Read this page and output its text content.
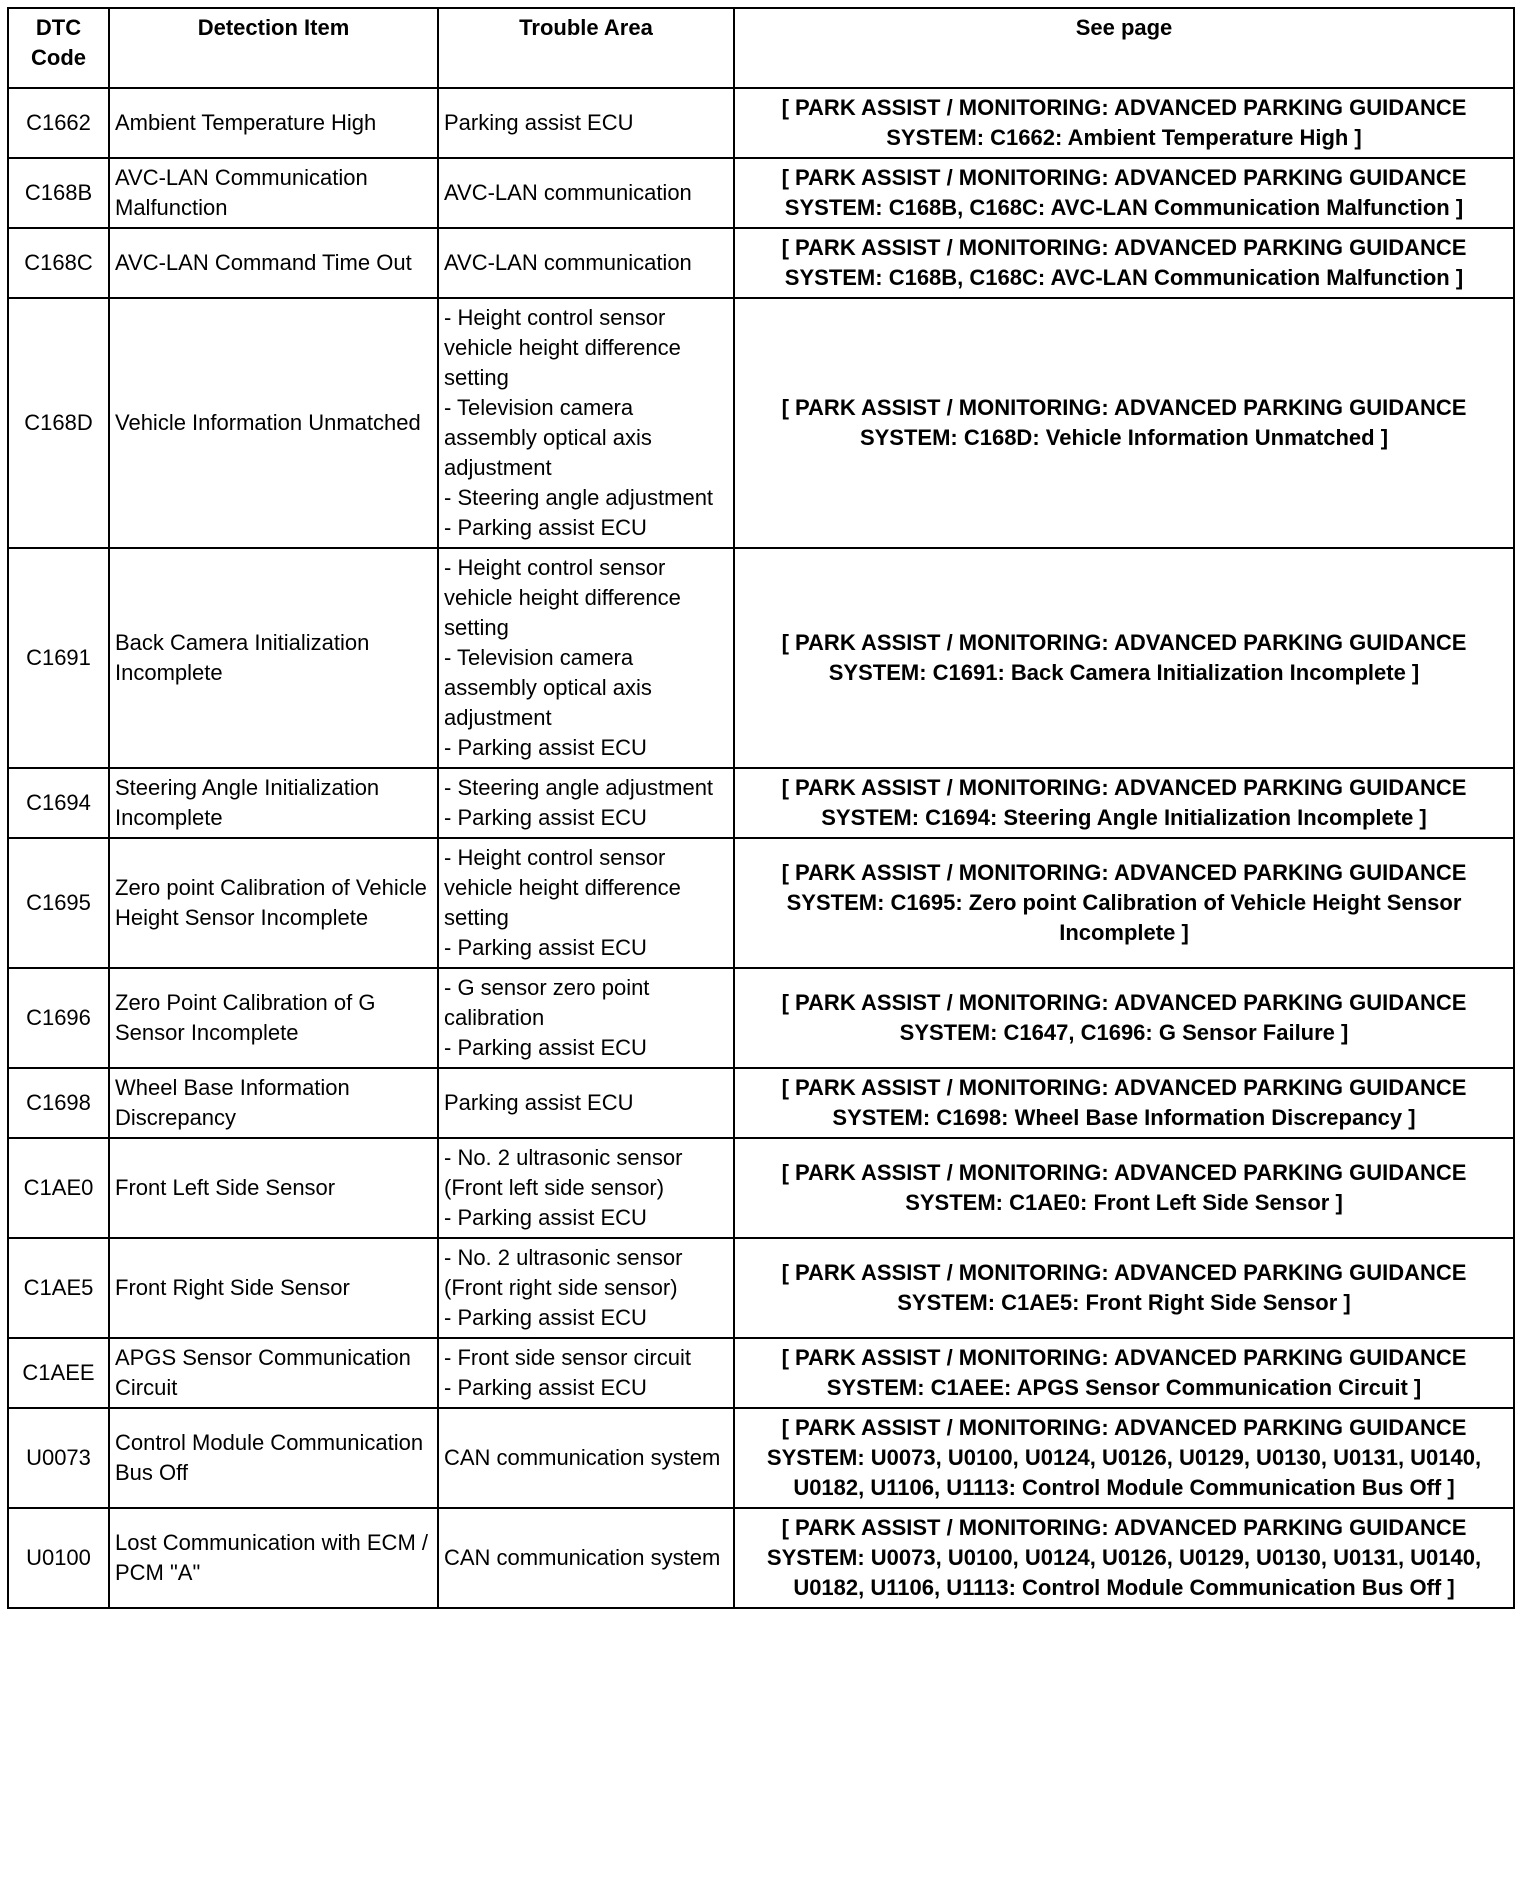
DTC Code	Detection Item	Trouble Area	See page
C1662	Ambient Temperature High	Parking assist ECU	[ PARK ASSIST / MONITORING: ADVANCED PARKING GUIDANCE SYSTEM: C1662: Ambient Temperature High ]
C168B	AVC-LAN Communication Malfunction	AVC-LAN communication	[ PARK ASSIST / MONITORING: ADVANCED PARKING GUIDANCE SYSTEM: C168B, C168C: AVC-LAN Communication Malfunction ]
C168C	AVC-LAN Command Time Out	AVC-LAN communication	[ PARK ASSIST / MONITORING: ADVANCED PARKING GUIDANCE SYSTEM: C168B, C168C: AVC-LAN Communication Malfunction ]
C168D	Vehicle Information Unmatched	- Height control sensor vehicle height difference setting
- Television camera assembly optical axis adjustment
- Steering angle adjustment
- Parking assist ECU	[ PARK ASSIST / MONITORING: ADVANCED PARKING GUIDANCE SYSTEM: C168D: Vehicle Information Unmatched ]
C1691	Back Camera Initialization Incomplete	- Height control sensor vehicle height difference setting
- Television camera assembly optical axis adjustment
- Parking assist ECU	[ PARK ASSIST / MONITORING: ADVANCED PARKING GUIDANCE SYSTEM: C1691: Back Camera Initialization Incomplete ]
C1694	Steering Angle Initialization Incomplete	- Steering angle adjustment
- Parking assist ECU	[ PARK ASSIST / MONITORING: ADVANCED PARKING GUIDANCE SYSTEM: C1694: Steering Angle Initialization Incomplete ]
C1695	Zero point Calibration of Vehicle Height Sensor Incomplete	- Height control sensor vehicle height difference setting
- Parking assist ECU	[ PARK ASSIST / MONITORING: ADVANCED PARKING GUIDANCE SYSTEM: C1695: Zero point Calibration of Vehicle Height Sensor Incomplete ]
C1696	Zero Point Calibration of G Sensor Incomplete	- G sensor zero point calibration
- Parking assist ECU	[ PARK ASSIST / MONITORING: ADVANCED PARKING GUIDANCE SYSTEM: C1647, C1696: G Sensor Failure ]
C1698	Wheel Base Information Discrepancy	Parking assist ECU	[ PARK ASSIST / MONITORING: ADVANCED PARKING GUIDANCE SYSTEM: C1698: Wheel Base Information Discrepancy ]
C1AE0	Front Left Side Sensor	- No. 2 ultrasonic sensor (Front left side sensor)
- Parking assist ECU	[ PARK ASSIST / MONITORING: ADVANCED PARKING GUIDANCE SYSTEM: C1AE0: Front Left Side Sensor ]
C1AE5	Front Right Side Sensor	- No. 2 ultrasonic sensor (Front right side sensor)
- Parking assist ECU	[ PARK ASSIST / MONITORING: ADVANCED PARKING GUIDANCE SYSTEM: C1AE5: Front Right Side Sensor ]
C1AEE	APGS Sensor Communication Circuit	- Front side sensor circuit
- Parking assist ECU	[ PARK ASSIST / MONITORING: ADVANCED PARKING GUIDANCE SYSTEM: C1AEE: APGS Sensor Communication Circuit ]
U0073	Control Module Communication Bus Off	CAN communication system	[ PARK ASSIST / MONITORING: ADVANCED PARKING GUIDANCE SYSTEM: U0073, U0100, U0124, U0126, U0129, U0130, U0131, U0140, U0182, U1106, U1113: Control Module Communication Bus Off ]
U0100	Lost Communication with ECM / PCM "A"	CAN communication system	[ PARK ASSIST / MONITORING: ADVANCED PARKING GUIDANCE SYSTEM: U0073, U0100, U0124, U0126, U0129, U0130, U0131, U0140, U0182, U1106, U1113: Control Module Communication Bus Off ]
